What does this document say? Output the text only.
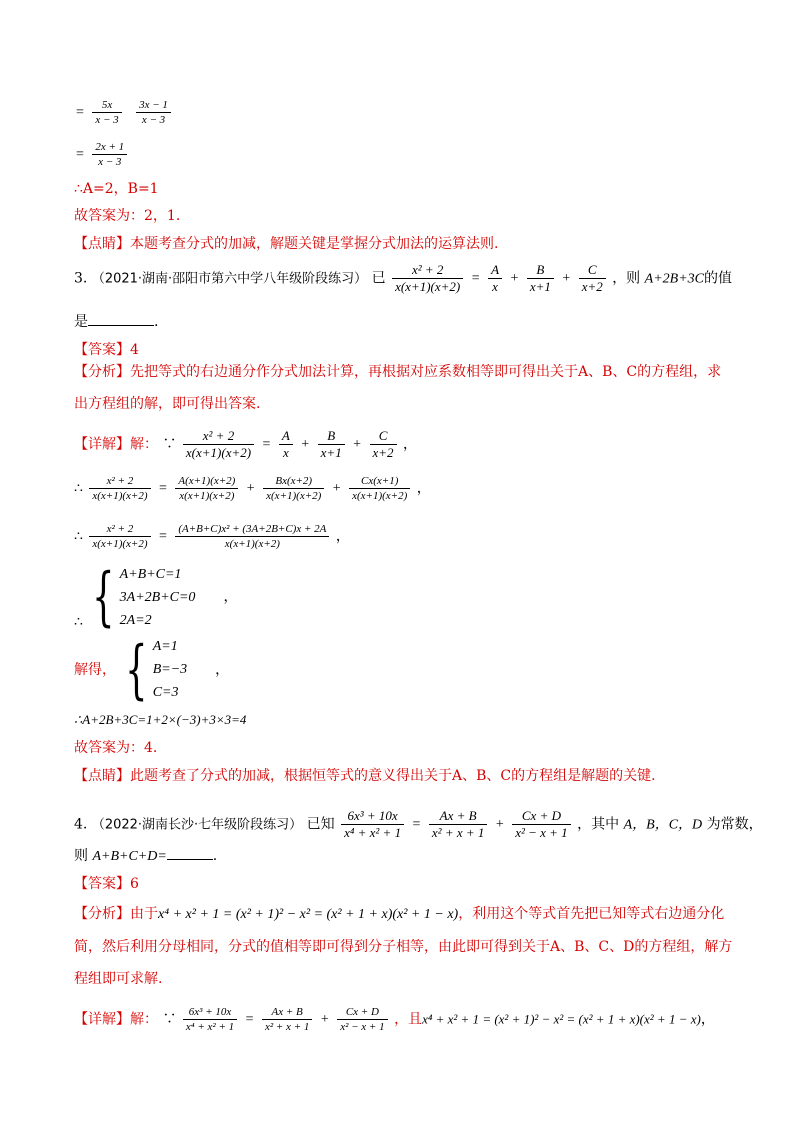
= $\frac{5x}{x - 3}$
$\frac{3x - 1}{x - 3}$
= $\frac{2x + 1}{x - 3}$
∴A=2，B=1
故答案为：2，1.
【点睛】本题考查分式的加减，解题关键是掌握分式加法的运算法则.
3. （2021·湖南·邵阳市第六中学八年级阶段练习） 已 $\frac{\text{x² + 2}}{x(x+1)(x+2)} = \frac{A}{x} + \frac{B}{x+1} + \frac{C}{x+2}$ ，则 A+2B+3C的值
是	.
【答案】4
【分析】先把等式的右边通分作分式加法计算，再根据对应系数相等即可得出关于A、B、C的方程组，求出方程组的解，即可得出答案.
【详解】解： ∵ $\frac{\text{x² + 2}}{x(x+1)(x+2)} = \frac{A}{x} + \frac{B}{x+1} + \frac{C}{x+2}$ ，
∴ $\frac{\text{x² + 2}}{x(x+1)(x+2)} = \frac{A(x+1)(x+2)}{x(x+1)(x+2)} + \frac{Bx(x+2)}{x(x+1)(x+2)} + \frac{Cx(x+1)}{x(x+1)(x+2)}$ ，
∴ $\frac{\text{x² + 2}}{x(x+1)(x+2)} = \frac{\text{(A+B+C)x² + (3A+2B+C)x + 2A}}{x(x+1)(x+2)}$ ，
∴ { A+B+C=1
3A+2B+C=0
2A=2
，
解得， { A=1
B=−3
C=3
，
∴A+2B+3C=1+2×(−3)+3×3=4
故答案为：4.
【点睛】此题考查了分式的加减，根据恒等式的意义得出关于A、B、C的方程组是解题的关键.
4. （2022·湖南长沙·七年级阶段练习） 已知 $\frac{\text{6x³ + 10x}}{\text{x⁴ + x² + 1}} = \frac{Ax + B}{\text{x² + x + 1}} + \frac{Cx + D}{\text{x² − x + 1}}$ ，其中 A，B，C，D 为常数，
则 A+B+C+D=	.
【答案】6
【分析】由于x⁴ + x² + 1 = (x² + 1)² − x² = (x² + 1 + x)(x² + 1 − x)，利用这个等式首先把已知等式右边通分化简，然后利用分母相同，分式的值相等即可得到分子相等，由此即可得到关于A、B、C、D的方程组，解方程组即可求解.
【详解】解： ∵ $\frac{\text{6x³ + 10x}}{\text{x⁴ + x² + 1}} = \frac{Ax + B}{\text{x² + x + 1}} + \frac{Cx + D}{\text{x² − x + 1}}$ ，且x⁴ + x² + 1 = (x² + 1)² − x² = (x² + 1 + x)(x² + 1 − x)，
